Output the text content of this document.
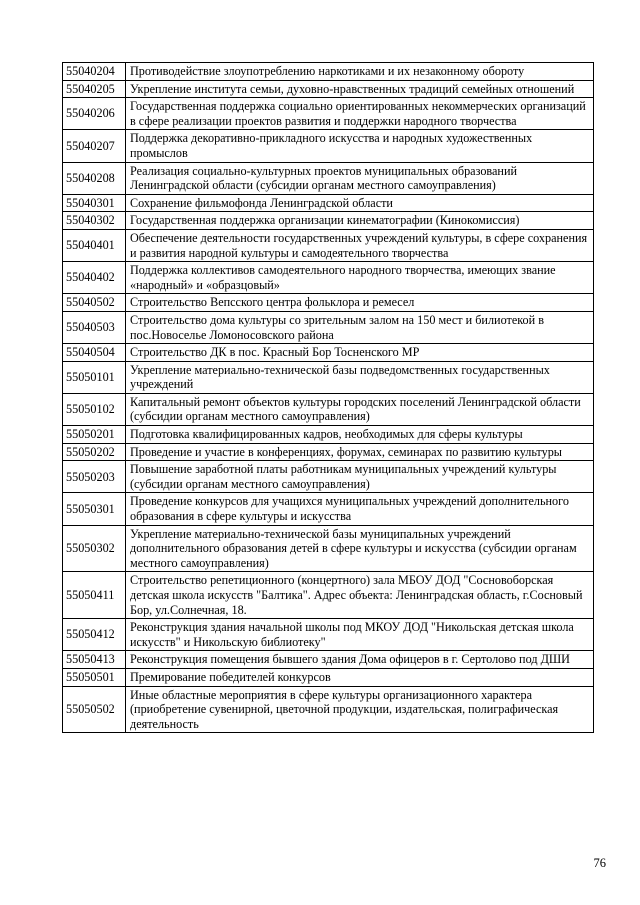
55040204	Противодействие злоупотреблению наркотиками и их незаконному обороту
55040205	Укрепление института семьи, духовно-нравственных традиций семейных отношений
55040206	Государственная поддержка социально ориентированных некоммерческих организаций в сфере реализации проектов развития и поддержки народного творчества
55040207	Поддержка декоративно-прикладного искусства и народных художественных промыслов
55040208	Реализация социально-культурных проектов муниципальных образований Ленинградской области (субсидии органам местного самоуправления)
55040301	Сохранение фильмофонда Ленинградской области
55040302	Государственная поддержка организации кинематографии (Кинокомиссия)
55040401	Обеспечение деятельности государственных учреждений культуры, в сфере сохранения и развития народной культуры и самодеятельного творчества
55040402	Поддержка коллективов самодеятельного народного творчества, имеющих звание «народный» и «образцовый»
55040502	Строительство Вепсского центра фольклора и ремесел
55040503	Строительство дома культуры со зрительным залом на 150 мест и билиотекой в пос.Новоселье Ломоносовского района
55040504	Строительство ДК в пос. Красный Бор Тосненского МР
55050101	Укрепление материально-технической базы подведомственных государственных учреждений
55050102	Капитальный ремонт объектов культуры городских поселений Ленинградской области (субсидии органам местного самоуправления)
55050201	Подготовка квалифицированных кадров, необходимых для сферы культуры
55050202	Проведение и участие в конференциях, форумах, семинарах по развитию культуры
55050203	Повышение заработной платы работникам муниципальных учреждений культуры (субсидии органам местного самоуправления)
55050301	Проведение конкурсов для учащихся муниципальных учреждений дополнительного образования в сфере культуры и искусства
55050302	Укрепление материально-технической базы муниципальных учреждений дополнительного образования детей в сфере культуры и искусства (субсидии органам местного самоуправления)
55050411	Строительство репетиционного (концертного) зала МБОУ ДОД "Сосновоборская детская школа искусств "Балтика". Адрес объекта: Ленинградская область, г.Сосновый Бор, ул.Солнечная, 18.
55050412	Реконструкция здания начальной школы под МКОУ ДОД "Никольская детская школа искусств" и Никольскую библиотеку"
55050413	Реконструкция помещения бывшего здания Дома офицеров в г. Сертолово под ДШИ
55050501	Премирование победителей конкурсов
55050502	Иные областные мероприятия в сфере культуры организационного характера (приобретение сувенирной, цветочной продукции, издательская, полиграфическая деятельность
76
